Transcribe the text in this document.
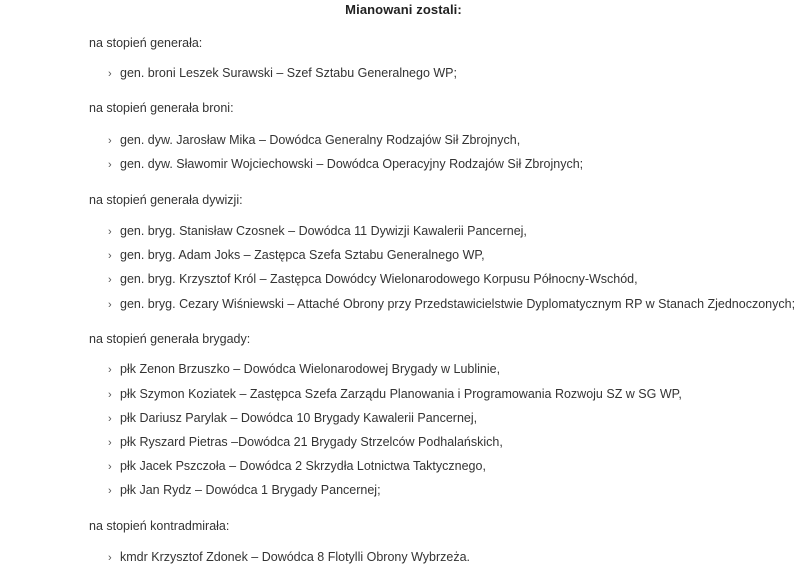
Mianowani zostali:
na stopień generała:
› gen. broni Leszek Surawski – Szef Sztabu Generalnego WP;
na stopień generała broni:
› gen. dyw. Jarosław Mika – Dowódca Generalny Rodzajów Sił Zbrojnych,
› gen. dyw. Sławomir Wojciechowski – Dowódca Operacyjny Rodzajów Sił Zbrojnych;
na stopień generała dywizji:
› gen. bryg. Stanisław Czosnek – Dowódca 11 Dywizji Kawalerii Pancernej,
› gen. bryg. Adam Joks – Zastępca Szefa Sztabu Generalnego WP,
› gen. bryg. Krzysztof Król – Zastępca Dowódcy Wielonarodowego Korpusu Północny-Wschód,
› gen. bryg. Cezary Wiśniewski – Attaché Obrony przy Przedstawicielstwie Dyplomatycznym RP w Stanach Zjednoczonych;
na stopień generała brygady:
› płk Zenon Brzuszko – Dowódca Wielonarodowej Brygady w Lublinie,
› płk Szymon Koziatek – Zastępca Szefa Zarządu Planowania i Programowania Rozwoju SZ w SG WP,
› płk Dariusz Parylak – Dowódca 10 Brygady Kawalerii Pancernej,
› płk Ryszard Pietras –Dowódca 21 Brygady Strzelców Podhalańskich,
› płk Jacek Pszczoła – Dowódca 2 Skrzydła Lotnictwa Taktycznego,
› płk Jan Rydz – Dowódca 1 Brygady Pancernej;
na stopień kontradmirała:
› kmdr Krzysztof Zdonek – Dowódca 8 Flotylli Obrony Wybrzeża.
